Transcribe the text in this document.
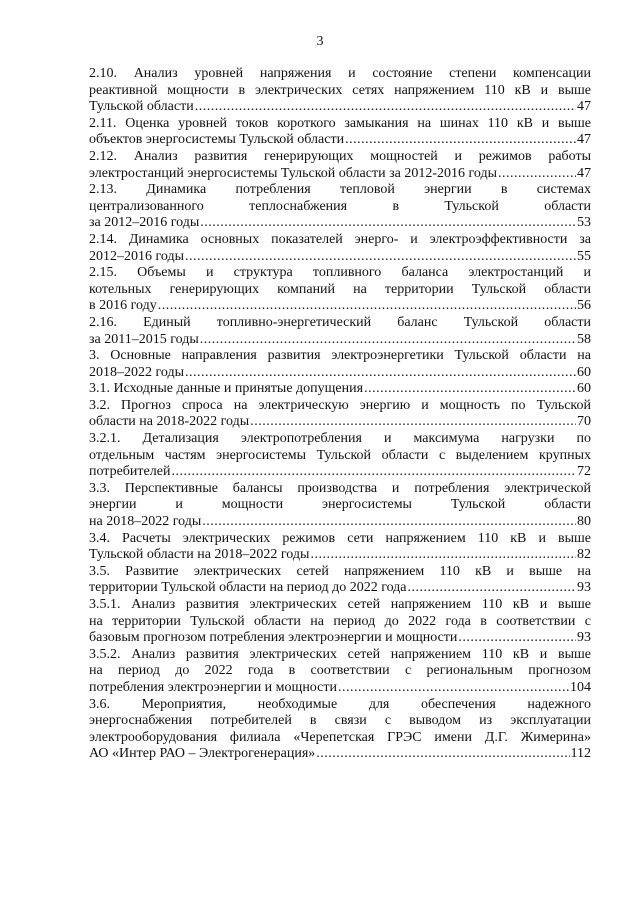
3
2.10. Анализ уровней напряжения и состояние степени компенсации
реактивной мощности в электрических сетях напряжением 110 кВ и выше
Тульской области .....	47
2.11. Оценка уровней токов короткого замыкания на шинах 110 кВ и выше
объектов энергосистемы Тульской области .....	47
2.12. Анализ развития генерирующих мощностей и режимов работы
электростанций энергосистемы Тульской области за 2012-2016 годы .....	47
2.13. Динамика потребления тепловой энергии в системах
централизованного теплоснабжения в Тульской области
за 2012–2016 годы .....	53
2.14. Динамика основных показателей энерго- и электроэффективности за
2012–2016 годы .....	55
2.15. Объемы и структура топливного баланса электростанций и
котельных генерирующих компаний на территории Тульской области
в 2016 году .....	56
2.16. Единый топливно-энергетический баланс Тульской области
за 2011–2015 годы .....	58
3. Основные направления развития электроэнергетики Тульской области на
2018–2022 годы .....	60
3.1. Исходные данные и принятые допущения .....	60
3.2. Прогноз спроса на электрическую энергию и мощность по Тульской
области на 2018-2022 годы .....	70
3.2.1. Детализация электропотребления и максимума нагрузки по
отдельным частям энергосистемы Тульской области с выделением крупных
потребителей .....	72
3.3. Перспективные балансы производства и потребления электрической
энергии и мощности энергосистемы Тульской области
на 2018–2022 годы .....	80
3.4. Расчеты электрических режимов сети напряжением 110 кВ и выше
Тульской области на 2018–2022 годы .....	82
3.5. Развитие электрических сетей напряжением 110 кВ и выше на
территории Тульской области на период до 2022 года .....	93
3.5.1. Анализ развития электрических сетей напряжением 110 кВ и выше
на территории Тульской области на период до 2022 года в соответствии с
базовым прогнозом потребления электроэнергии и мощности .....	93
3.5.2. Анализ развития электрических сетей напряжением 110 кВ и выше
на период до 2022 года в соответствии с региональным прогнозом
потребления электроэнергии и мощности .....	104
3.6. Мероприятия, необходимые для обеспечения надежного
энергоснабжения потребителей в связи с выводом из эксплуатации
электрооборудования филиала «Черепетская ГРЭС имени Д.Г. Жимерина»
АО «Интер РАО – Электрогенерация» .....	112
